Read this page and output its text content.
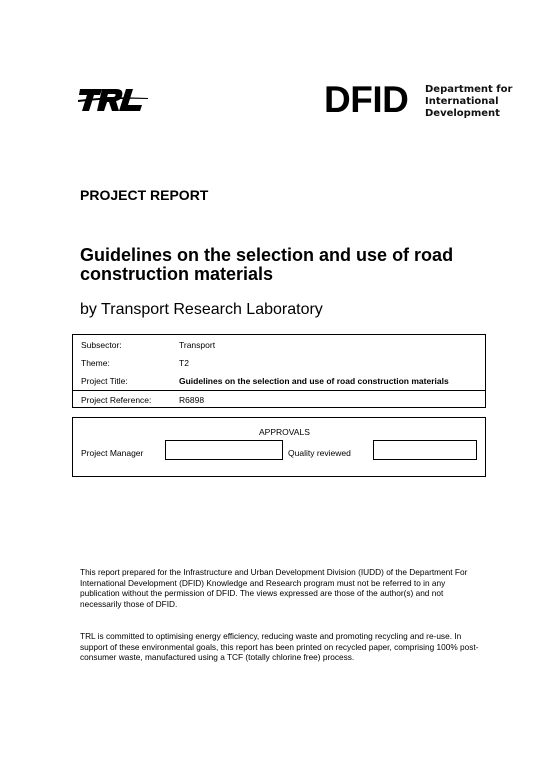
DFID Department for
International
Development
PROJECT REPORT
Guidelines on the selection and use of road
construction materials
by Transport Research Laboratory
Subsector:	Transport
Theme:	T2
Project Title:	Guidelines on the selection and use of road construction materials
Project Reference:	R6898
APPROVALS
Project Manager	Quality reviewed
This report prepared for the Infrastructure and Urban Development Division (IUDD) of the Department For International Development (DFID) Knowledge and Research program must not be referred to in any publication without the permission of DFID. The views expressed are those of the author(s) and not necessarily those of DFID.
TRL is committed to optimising energy efficiency, reducing waste and promoting recycling and re-use. In support of these environmental goals, this report has been printed on recycled paper, comprising 100% post-consumer waste, manufactured using a TCF (totally chlorine free) process.
